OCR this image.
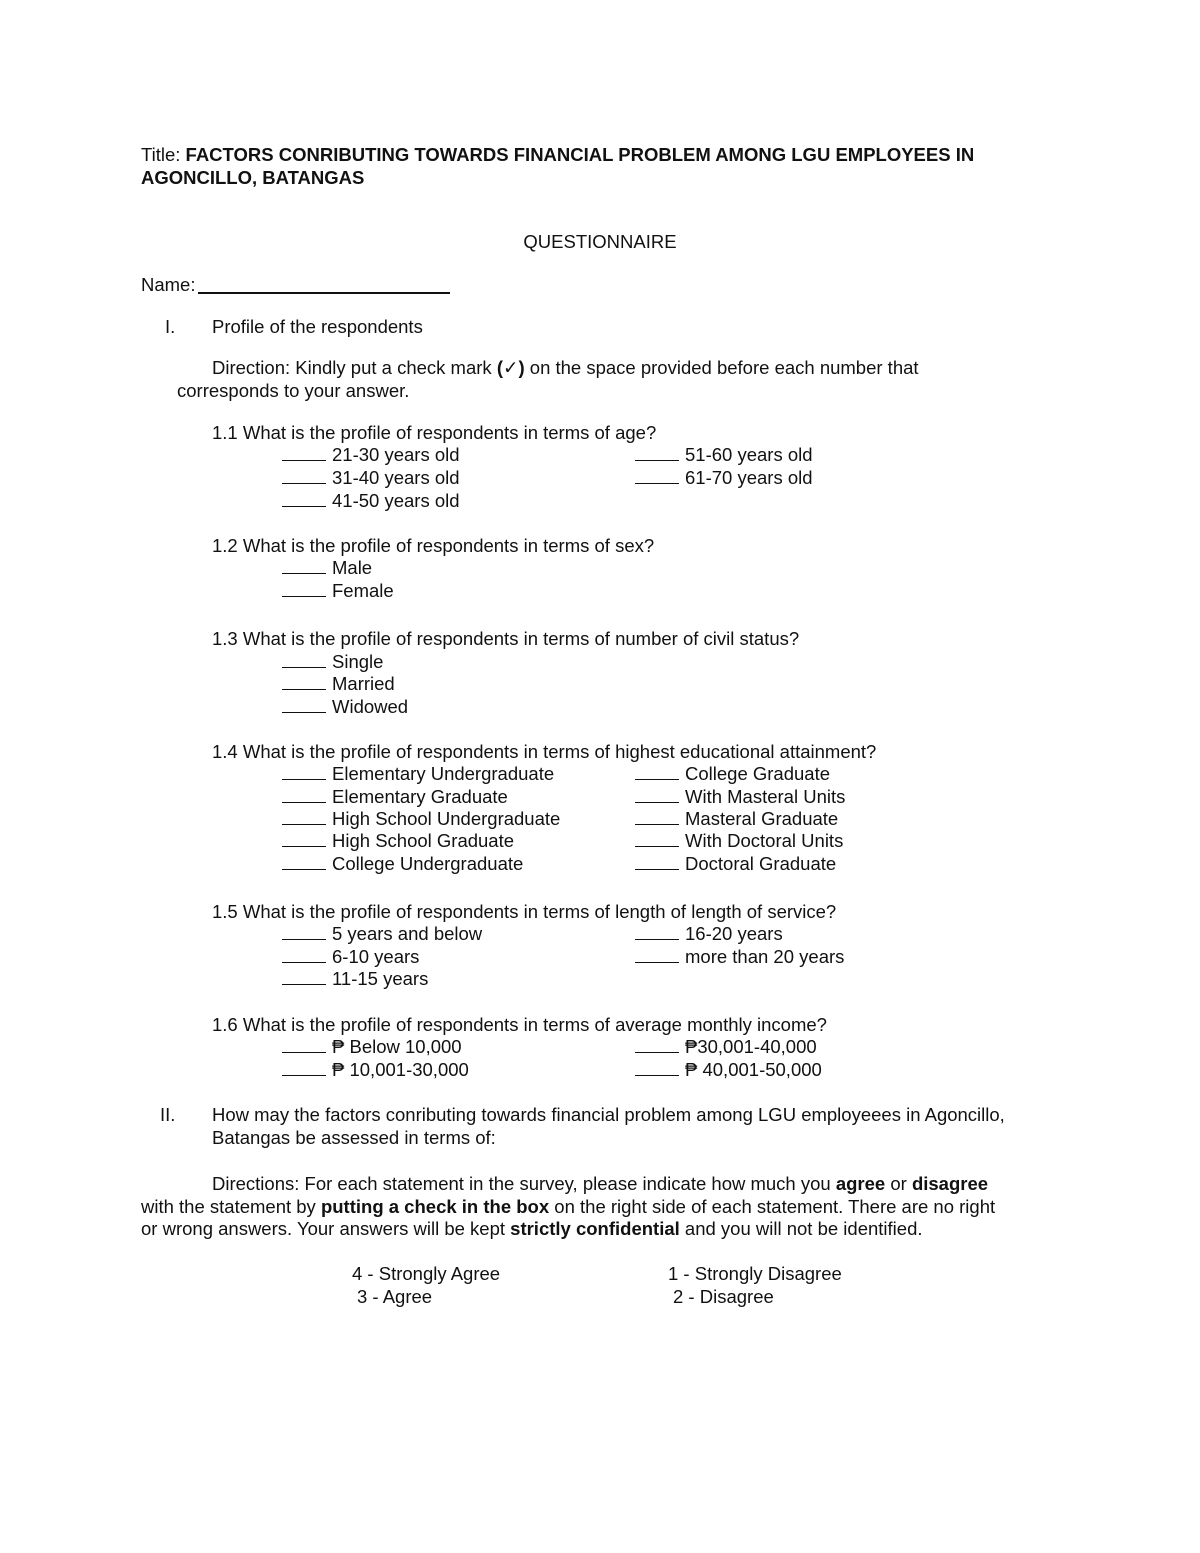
Title: FACTORS CONRIBUTING TOWARDS FINANCIAL PROBLEM AMONG LGU EMPLOYEES IN
AGONCILLO, BATANGAS
QUESTIONNAIRE
Name:
I. Profile of the respondents
Direction: Kindly put a check mark (✓) on the space provided before each number that
corresponds to your answer.
1.1 What is the profile of respondents in terms of age?
21-30 years old
31-40 years old
41-50 years old
51-60 years old
61-70 years old
1.2 What is the profile of respondents in terms of sex?
Male
Female
1.3 What is the profile of respondents in terms of number of civil status?
Single
Married
Widowed
1.4 What is the profile of respondents in terms of highest educational attainment?
Elementary Undergraduate
Elementary Graduate
High School Undergraduate
High School Graduate
College Undergraduate
College Graduate
With Masteral Units
Masteral Graduate
With Doctoral Units
Doctoral Graduate
1.5 What is the profile of respondents in terms of length of length of service?
5 years and below
6-10 years
11-15 years
16-20 years
more than 20 years
1.6 What is the profile of respondents in terms of average monthly income?
₱ Below 10,000
₱ 10,001-30,000
₱30,001-40,000
₱ 40,001-50,000
II. How may the factors conributing towards financial problem among LGU employeees in Agoncillo,
Batangas be assessed in terms of:
Directions: For each statement in the survey, please indicate how much you agree or disagree
with the statement by putting a check in the box on the right side of each statement. There are no right
or wrong answers. Your answers will be kept strictly confidential and you will not be identified.
4 - Strongly Agree
3 - Agree
1 - Strongly Disagree
2 - Disagree
